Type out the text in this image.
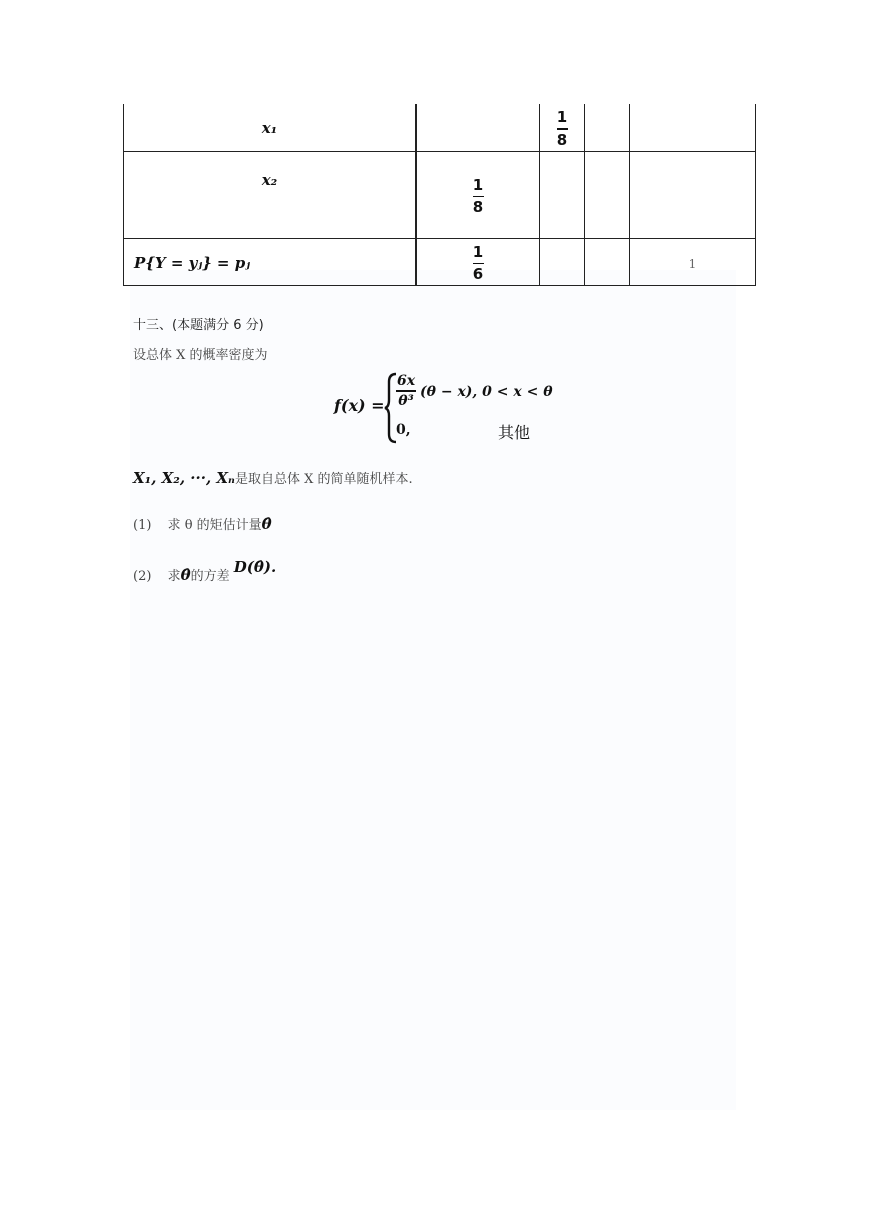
x₁		$\frac{1}{8}$

x₂	$\frac{1}{8}$

P{Y = yⱼ} = pⱼ	$\frac{1}{6}$			1
十三、(本题满分 6 分)
设总体 X 的概率密度为
f(x) =
6x
θ³
(θ − x), 0 < x < θ
0,	其他
X₁, X₂, ···, Xₙ是取自总体 X 的简单随机样本.
(1) 求 θ 的矩估计量θ̂
(2) 求θ̂的方差 D(θ̂).
